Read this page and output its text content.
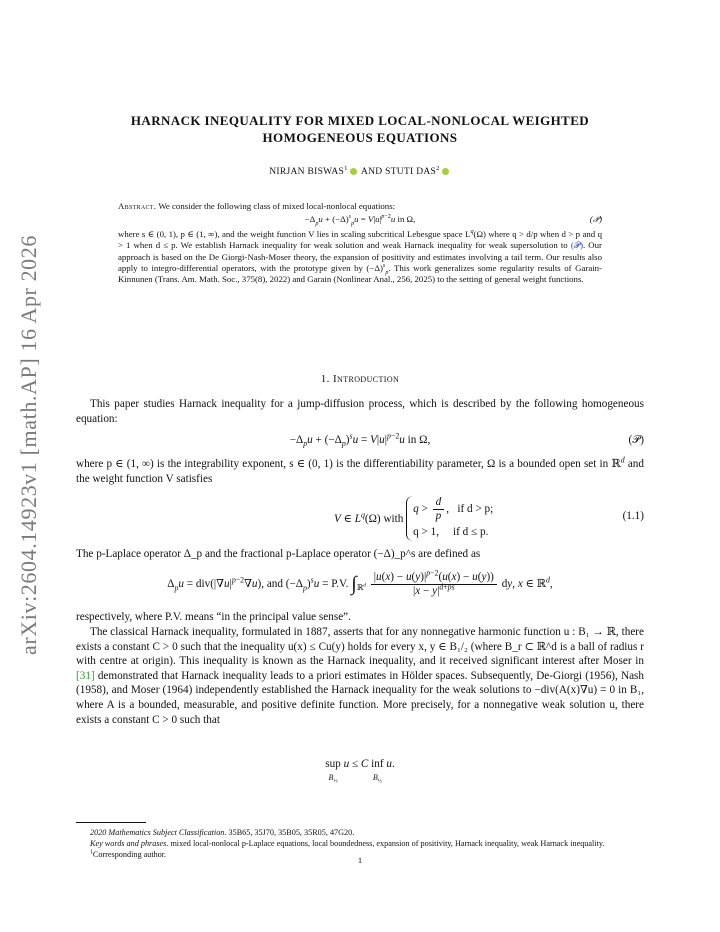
arXiv:2604.14923v1 [math.AP] 16 Apr 2026
HARNACK INEQUALITY FOR MIXED LOCAL-NONLOCAL WEIGHTED
HOMOGENEOUS EQUATIONS
NIRJAN BISWAS$^1$ AND STUTI DAS$^2$
Abstract. We consider the following class of mixed local-nonlocal equations:
$-\Delta_pu + (-\Delta)^s_pu = V|u|^{p-2}u$ in Ω,	(𝒫)
where s ∈ (0, 1), p ∈ (1, ∞), and the weight function V lies in scaling subcritical Lebesgue space $L^q(\Omega)$ where q > d/p when d > p and q > 1 when d ≤ p. We establish Harnack inequality for weak solution and weak Harnack inequality for weak supersolution to (𝒫). Our approach is based on the De Giorgi-Nash-Moser theory, the expansion of positivity and estimates involving a tail term. Our results also apply to integro-differential operators, with the prototype given by $(-\Delta)^s_p$. This work generalizes some regularity results of Garain-Kinnunen (Trans. Am. Math. Soc., 375(8), 2022) and Garain (Nonlinear Anal., 256, 2025) to the setting of general weight functions.
1. Introduction
This paper studies Harnack inequality for a jump-diffusion process, which is described by the following homogeneous equation:
$-\Delta_pu + (-\Delta_p)^su = V|u|^{p-2}u$ in Ω,	(𝒫)
where p ∈ (1, ∞) is the integrability exponent, s ∈ (0, 1) is the differentiability parameter, Ω is a bounded open set in ℝ$^d$ and the weight function V satisfies
V ∈ $L^q(\Omega)$ with
$q > \frac{d}{p}$ ,   if d > p;
q > 1, if d ≤ p.
(1.1)
The p-Laplace operator Δ_p and the fractional p-Laplace operator (−Δ)_p^s are defined as
$\Delta_pu = div(|\nabla u|^{p-2}\nabla u)$, and $(-\Delta_p)^su = P.V$. $\int_{ℝ^d} \frac{|u(x) - u(y)|^{p-2}(u(x) - u(y))}{|x - y|^{d+ps}}$ dy, x ∈ ℝ$^d$,
respectively, where P.V. means “in the principal value sense”.
The classical Harnack inequality, formulated in 1887, asserts that for any nonnegative harmonic function u : B₁ → ℝ, there exists a constant C > 0 such that the inequality u(x) ≤ Cu(y) holds for every x, y ∈ B₁/₂ (where B_r ⊂ ℝ^d is a ball of radius r with centre at origin). This inequality is known as the Harnack inequality, and it received significant interest after Moser in [31] demonstrated that Harnack inequality leads to a priori estimates in Hölder spaces. Subsequently, De-Giorgi (1956), Nash (1958), and Moser (1964) independently established the Harnack inequality for the weak solutions to −div(A(x)∇u) = 0 in B₁, where A is a bounded, measurable, and positive definite function. More precisely, for a nonnegative weak solution u, there exists a constant C > 0 such that
sup
$B_{\frac{1}{2}}$ u ≤ C inf
$B_{\frac{1}{2}}$ u.
2020 Mathematics Subject Classification. 35B65, 35J70, 35B05, 35R05, 47G20.
Key words and phrases. mixed local-nonlocal p-Laplace equations, local boundedness, expansion of positivity, Harnack inequality, weak Harnack inequality.
$^1$Corresponding author.
1
